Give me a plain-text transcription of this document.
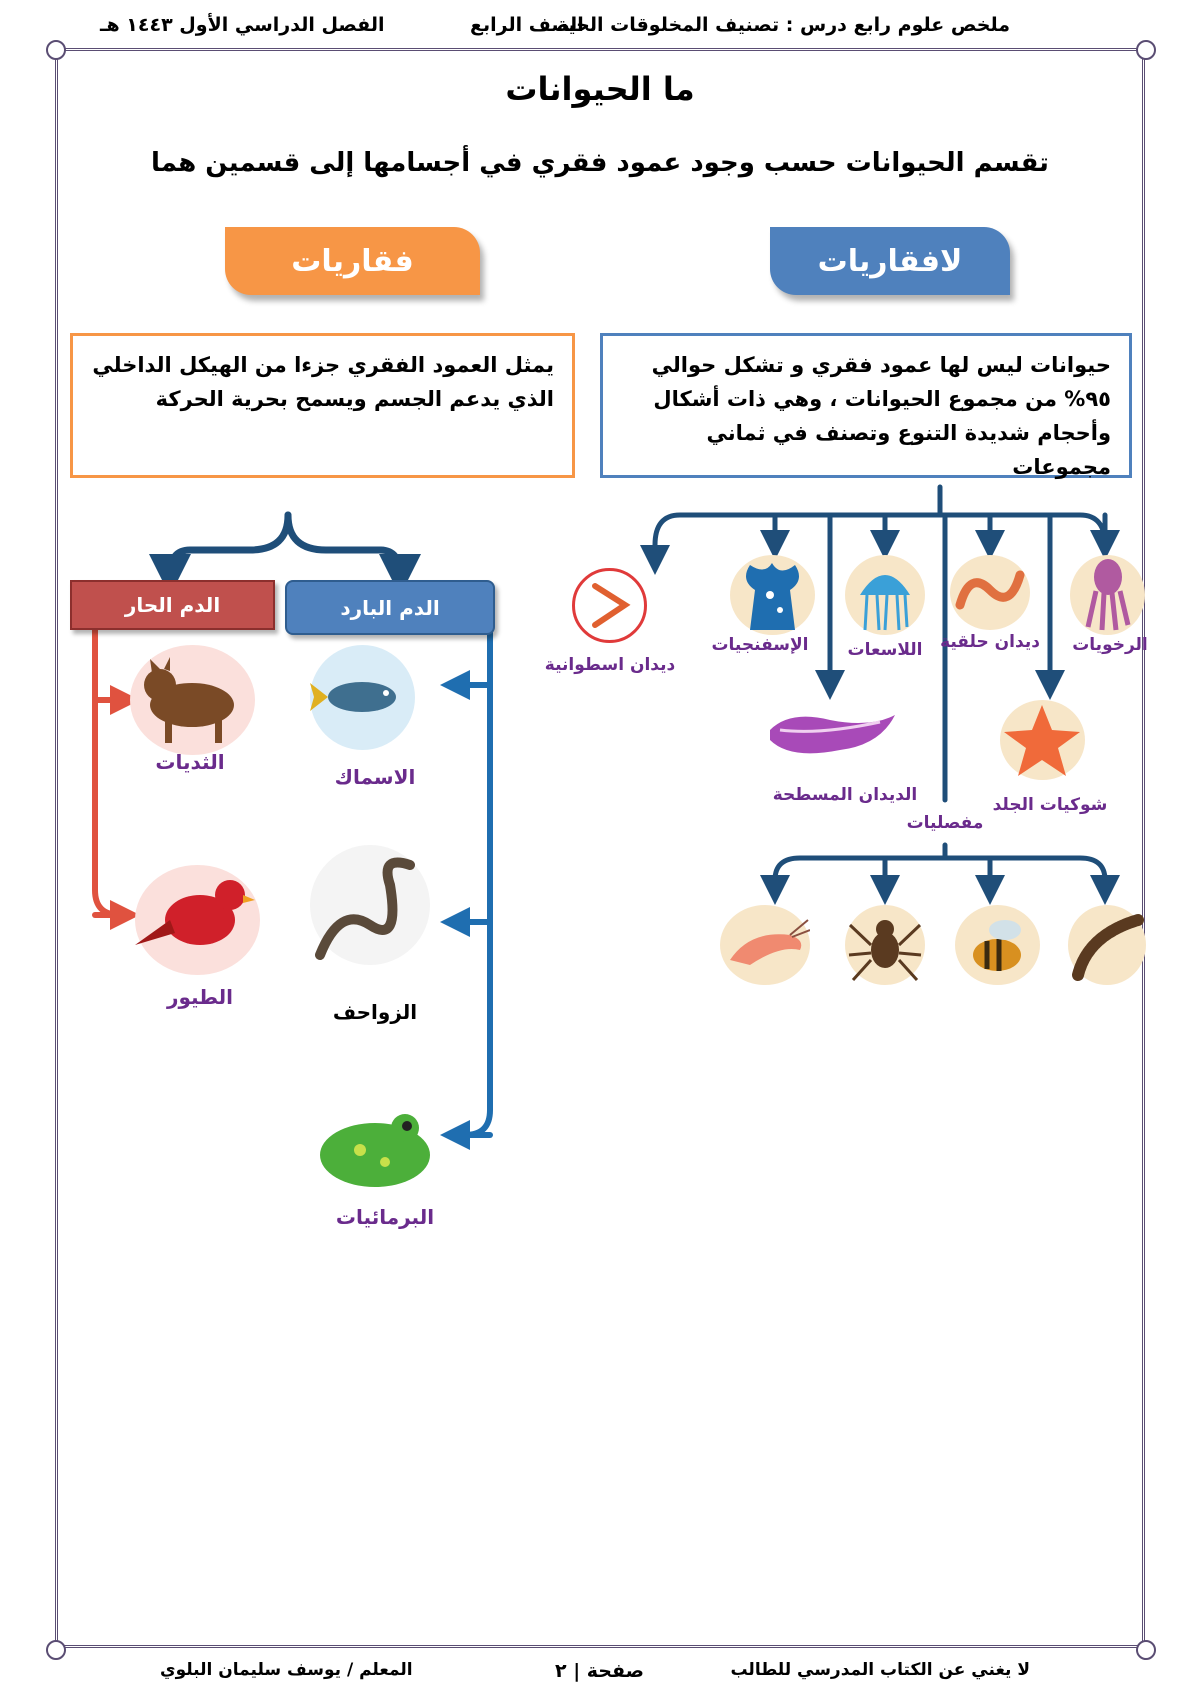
ملخص علوم رابع درس : تصنيف المخلوقات الحية
الصف الرابع
الفصل الدراسي الأول ١٤٤٣ هـ
ما الحيوانات
تقسم الحيوانات حسب وجود عمود فقري في أجسامها إلى قسمين هما
فقاريات	لافقاريات
يمثل العمود الفقري جزءا من الهيكل الداخلي الذي يدعم الجسم ويسمح بحرية الحركة
حيوانات ليس لها عمود فقري و تشكل حوالي ٩٥% من مجموع الحيوانات ، وهي ذات أشكال وأحجام شديدة التنوع وتصنف في ثماني مجموعات
الدم البارد
الدم الحار
الاسماك
الزواحف
البرمائيات
الثديات
الطيور
الرخويات
ديدان حلقية
اللاسعات
الإسفنجيات
ديدان اسطوانية
شوكيات الجلد
الديدان المسطحة
مفصليات
لا يغني عن الكتاب المدرسي للطالب
صفحة | ٢
المعلم / يوسف سليمان البلوي
